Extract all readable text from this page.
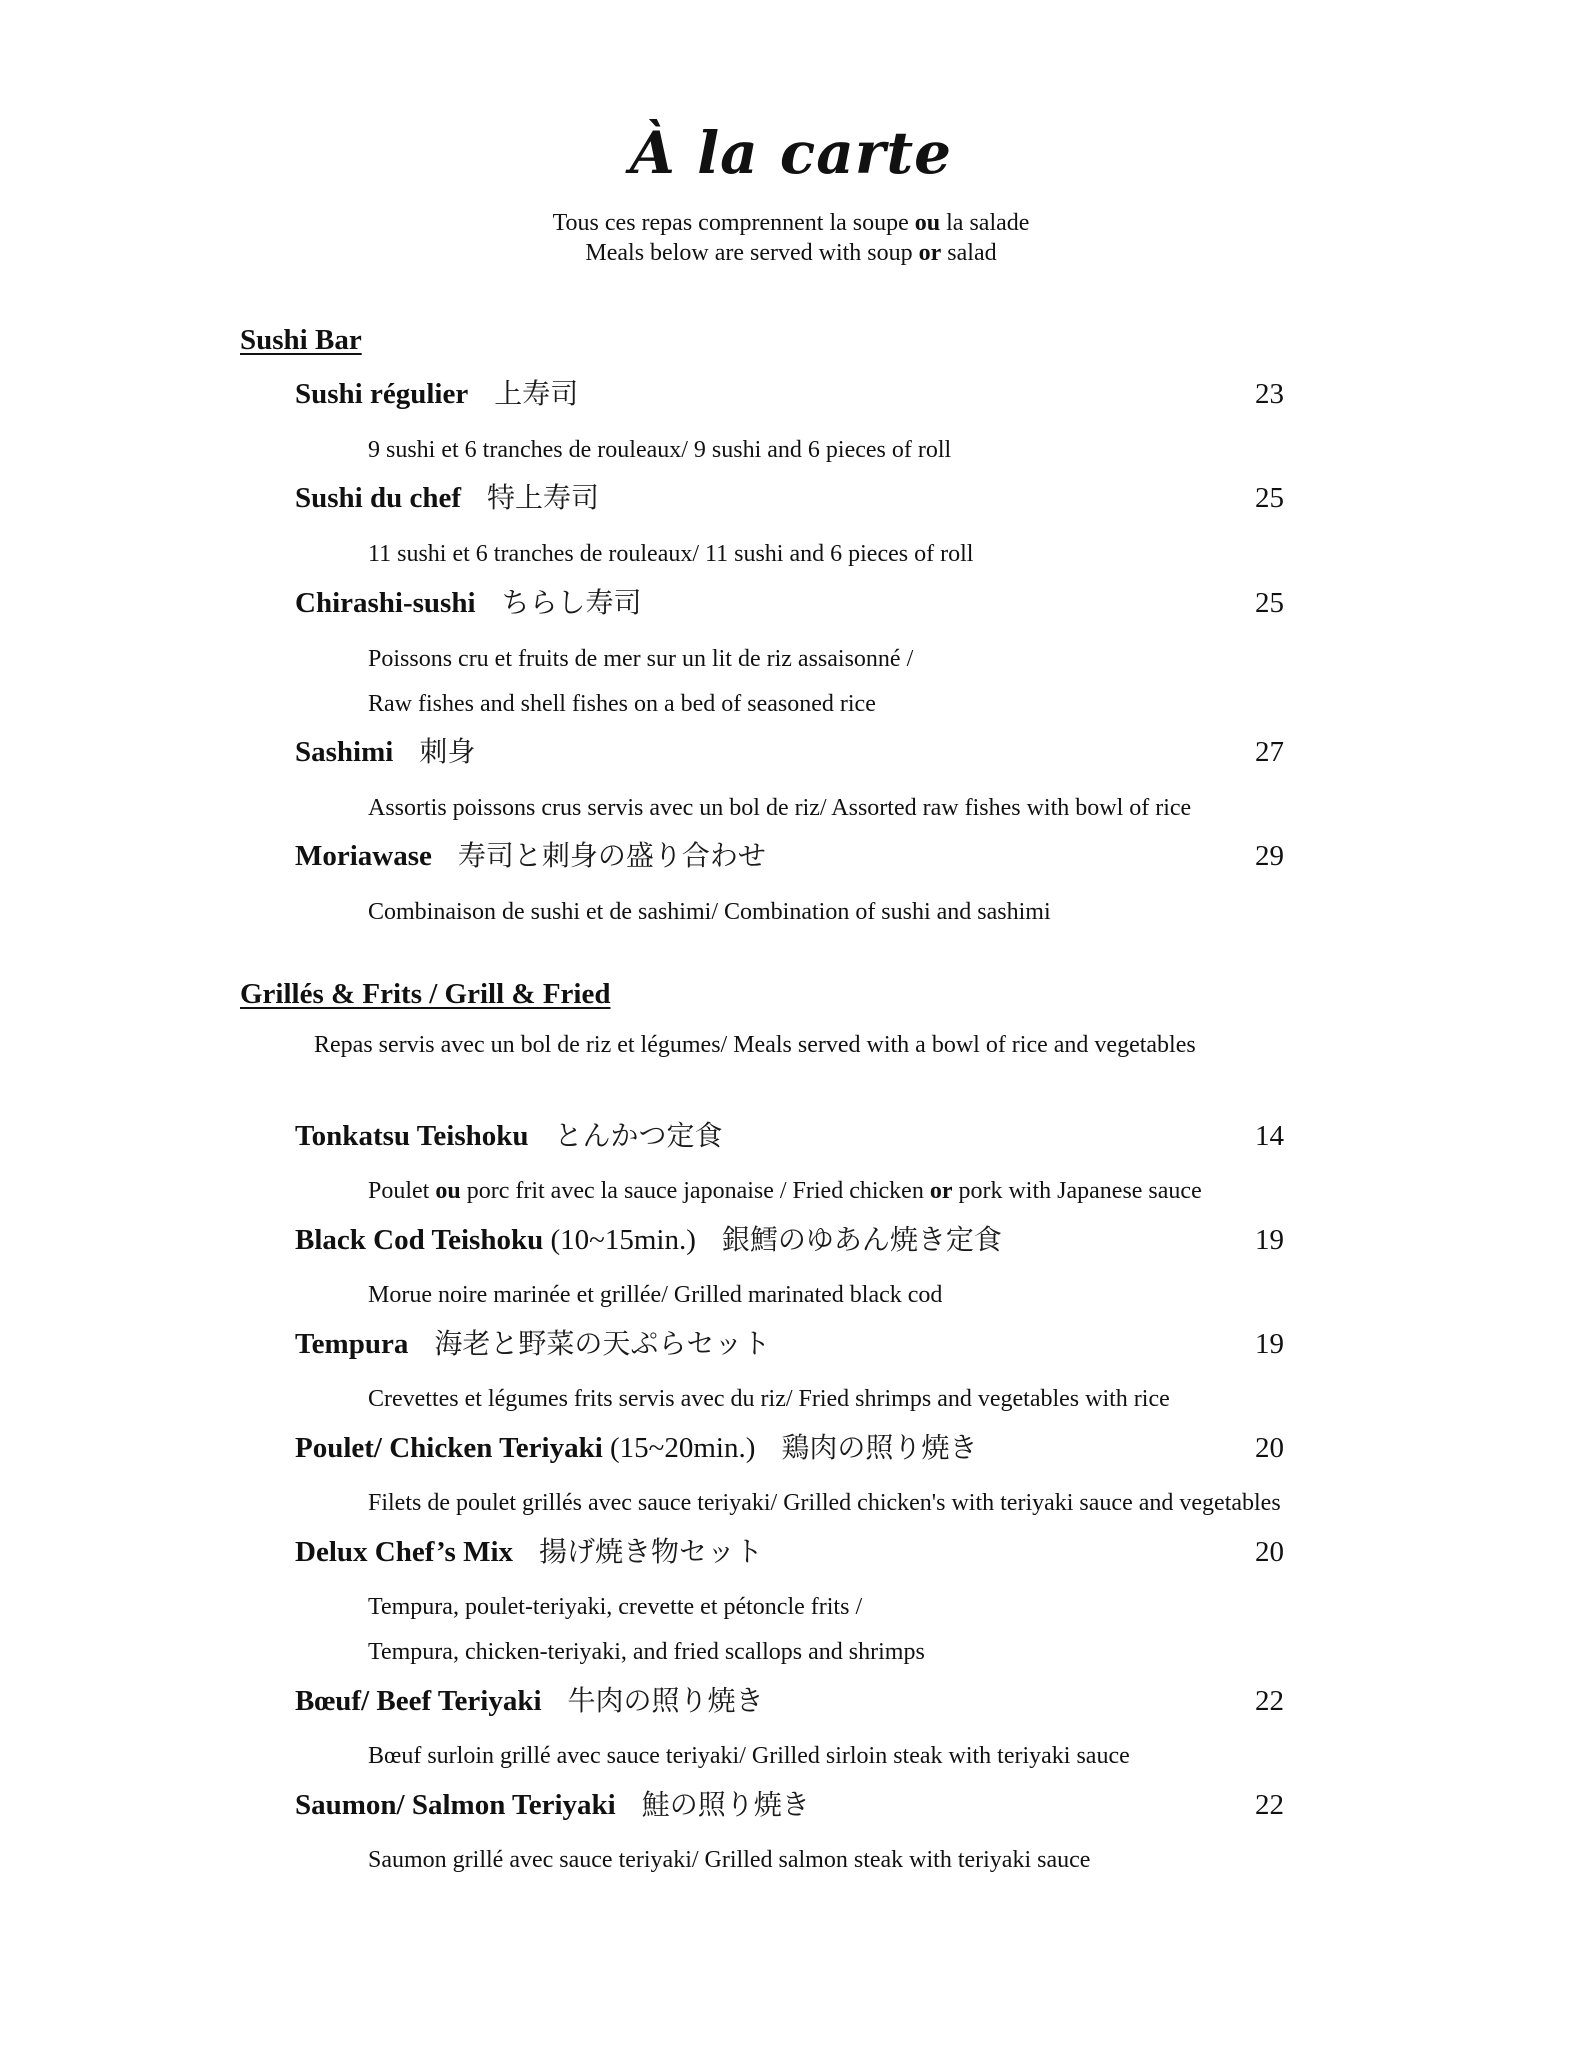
À la carte
Tous ces repas comprennent la soupe ou la salade
Meals below are served with soup or salad
Sushi Bar
Sushi régulier 上寿司	23
9 sushi et 6 tranches de rouleaux/ 9 sushi and 6 pieces of roll
Sushi du chef 特上寿司	25
11 sushi et 6 tranches de rouleaux/ 11 sushi and 6 pieces of roll
Chirashi-sushi ちらし寿司	25
Poissons cru et fruits de mer sur un lit de riz assaisonné /
Raw fishes and shell fishes on a bed of seasoned rice
Sashimi 刺身	27
Assortis poissons crus servis avec un bol de riz/ Assorted raw fishes with bowl of rice
Moriawase 寿司と刺身の盛り合わせ	29
Combinaison de sushi et de sashimi/ Combination of sushi and sashimi
Grillés & Frits / Grill & Fried
Repas servis avec un bol de riz et légumes/ Meals served with a bowl of rice and vegetables
Tonkatsu Teishoku とんかつ定食	14
Poulet ou porc frit avec la sauce japonaise / Fried chicken or pork with Japanese sauce
Black Cod Teishoku (10~15min.) 銀鱈のゆあん焼き定食	19
Morue noire marinée et grillée/ Grilled marinated black cod
Tempura 海老と野菜の天ぷらセット	19
Crevettes et légumes frits servis avec du riz/ Fried shrimps and vegetables with rice
Poulet/ Chicken Teriyaki (15~20min.) 鶏肉の照り焼き	20
Filets de poulet grillés avec sauce teriyaki/ Grilled chicken's with teriyaki sauce and vegetables
Delux Chef’s Mix 揚げ焼き物セット	20
Tempura, poulet-teriyaki, crevette et pétoncle frits /
Tempura, chicken-teriyaki, and fried scallops and shrimps
Bœuf/ Beef Teriyaki 牛肉の照り焼き	22
Bœuf surloin grillé avec sauce teriyaki/ Grilled sirloin steak with teriyaki sauce
Saumon/ Salmon Teriyaki 鮭の照り焼き	22
Saumon grillé avec sauce teriyaki/ Grilled salmon steak with teriyaki sauce
